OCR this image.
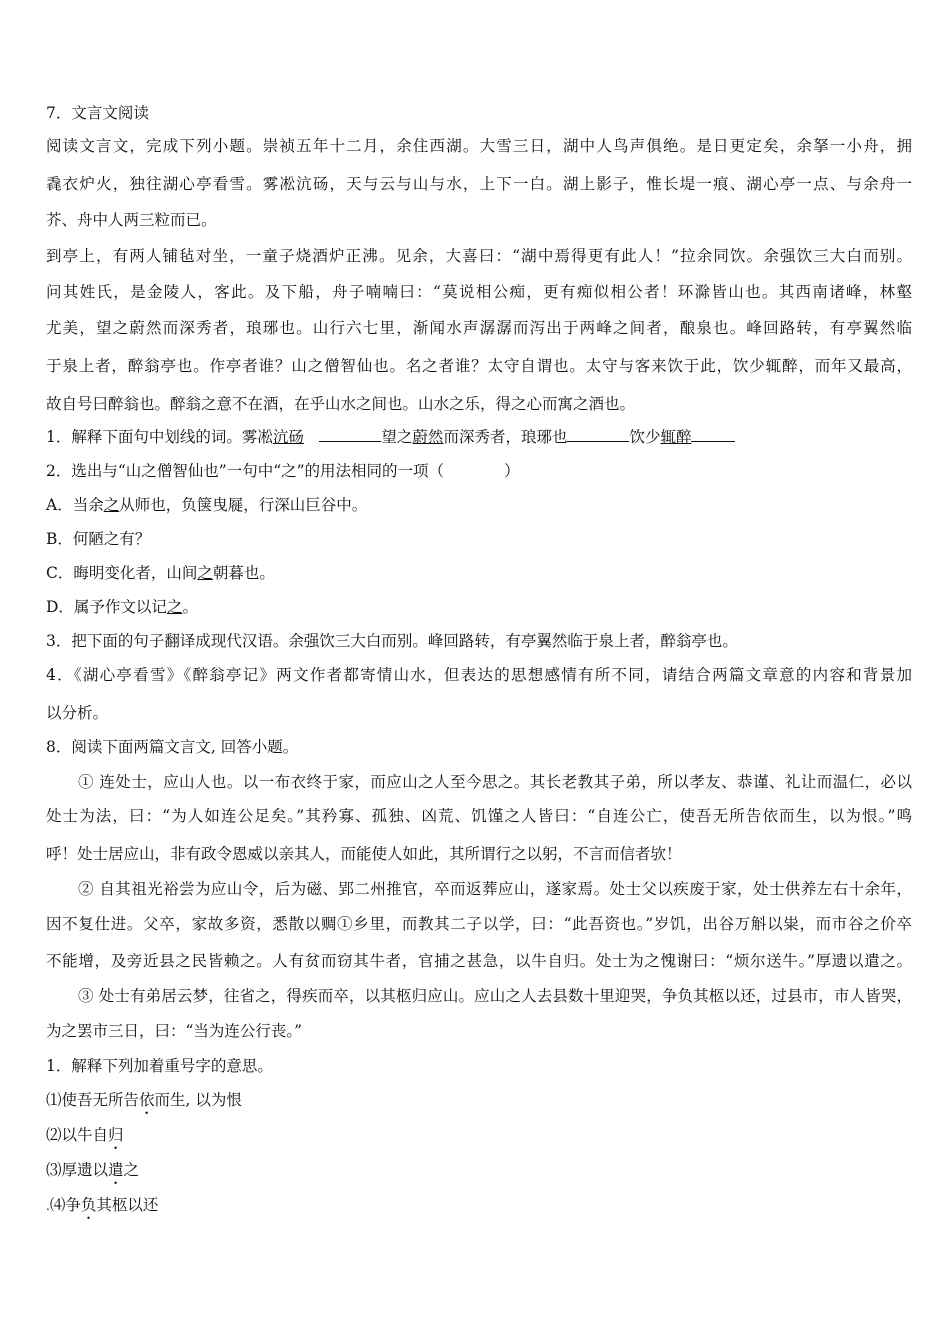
7．文言文阅读

阅读文言文，完成下列小题。崇祯五年十二月，余住西湖。大雪三日，湖中人鸟声俱绝。是日更定矣，余拏一小舟，拥

毳衣炉火，独往湖心亭看雪。雾凇沆砀，天与云与山与水，上下一白。湖上影子，惟长堤一痕、湖心亭一点、与余舟一

芥、舟中人两三粒而已。

到亭上，有两人铺毡对坐，一童子烧酒炉正沸。见余，大喜曰：“湖中焉得更有此人！”拉余同饮。余强饮三大白而别。

问其姓氏，是金陵人，客此。及下船，舟子喃喃曰：“莫说相公痴，更有痴似相公者！环滁皆山也。其西南诸峰，林壑

尤美，望之蔚然而深秀者，琅琊也。山行六七里，渐闻水声潺潺而泻出于两峰之间者，酿泉也。峰回路转，有亭翼然临

于泉上者，醉翁亭也。作亭者谁？山之僧智仙也。名之者谁？太守自谓也。太守与客来饮于此，饮少辄醉，而年又最高，

故自号曰醉翁也。醉翁之意不在酒，在乎山水之间也。山水之乐，得之心而寓之酒也。

1．解释下面句中划线的词。雾凇沆砀　	望之蔚然而深秀者，琅琊也	饮少辄醉

2．选出与“山之僧智仙也”一句中“之”的用法相同的一项（	）

A．当余之从师也，负箧曳屣，行深山巨谷中。

B．何陋之有？

C．晦明变化者，山间之朝暮也。

D．属予作文以记之。

3．把下面的句子翻译成现代汉语。余强饮三大白而别。峰回路转，有亭翼然临于泉上者，醉翁亭也。

4．《湖心亭看雪》《醉翁亭记》两文作者都寄情山水，但表达的思想感情有所不同，请结合两篇文章意的内容和背景加

以分析。

8．阅读下面两篇文言文, 回答小题。

① 连处士，应山人也。以一布衣终于家，而应山之人至今思之。其长老教其子弟，所以孝友、恭谨、礼让而温仁，必以

处士为法，曰：“为人如连公足矣。”其矜寡、孤独、凶荒、饥馑之人皆曰：“自连公亡，使吾无所告依而生，以为恨。”鸣

呼！处士居应山，非有政令恩威以亲其人，而能使人如此，其所谓行之以躬，不言而信者欤！

② 自其祖光裕尝为应山令，后为磁、郢二州推官，卒而返葬应山，遂家焉。处士父以疾废于家，处士供养左右十余年，

因不复仕进。父卒，家故多资，悉散以赒①乡里，而教其二子以学，曰：“此吾资也。”岁饥，出谷万斛以粜，而市谷之价卒

不能增，及旁近县之民皆赖之。人有贫而窃其牛者，官捕之甚急，以牛自归。处士为之愧谢曰：“烦尔送牛。”厚遗以遣之。

③ 处士有弟居云梦，往省之，得疾而卒，以其柩归应山。应山之人去县数十里迎哭，争负其柩以还，过县市，市人皆哭，

为之罢市三日，曰：“当为连公行丧。”

1．解释下列加着重号字的意思。

⑴使吾无所告依而生, 以为恨

⑵以牛自归

⑶厚遗以遣之

.⑷争负其柩以还
